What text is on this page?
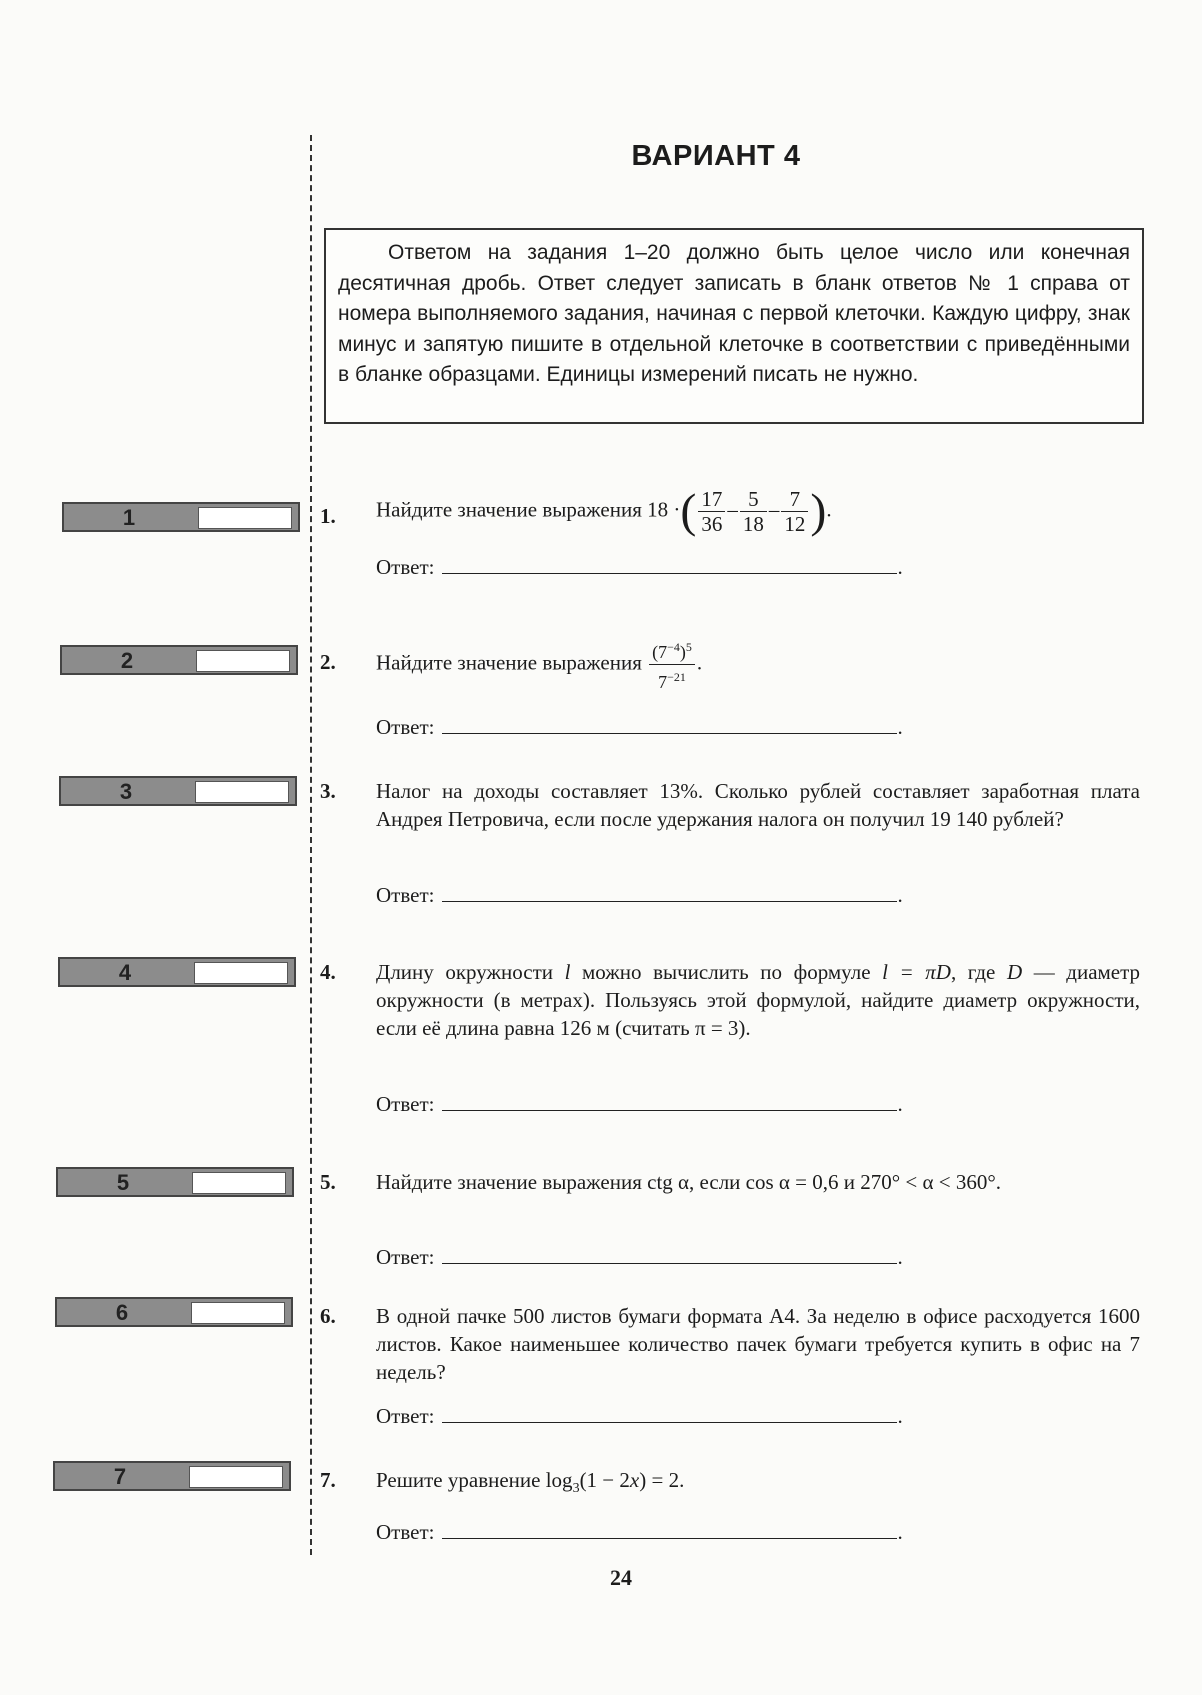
ВАРИАНТ 4
Ответом на задания 1–20 должно быть целое число или конечная десятичная дробь. Ответ следует записать в бланк ответов № 1 справа от номера выполняемого задания, начиная с первой клеточки. Каждую цифру, знак минус и запятую пишите в отдельной клеточке в соответствии с приведёнными в бланке образцами. Единицы измерений писать не нужно.
1	1. Найдите значение выражения 18 ·( $\frac{17}{36} - \frac{5}{18} - \frac{7}{12}$ ).
Ответ:	.
2	2. Найдите значение выражения $\frac{(7^{-4})^5}{7^{-21}}$ .
Ответ:	.
3	3. Налог на доходы составляет 13%. Сколько рублей составляет заработная плата Андрея Петровича, если после удержания налога он получил 19 140 рублей?
Ответ:	.
4	4. Длину окружности l можно вычислить по формуле l = πD, где D — диаметр окружности (в метрах). Пользуясь этой формулой, найдите диаметр окружности, если её длина равна 126 м (считать π = 3).
Ответ:	.
5	5. Найдите значение выражения ctg α, если cos α = 0,6 и 270° < α < 360°.
Ответ:	.
6	6. В одной пачке 500 листов бумаги формата А4. За неделю в офисе расходуется 1600 листов. Какое наименьшее количество пачек бумаги требуется купить в офис на 7 недель?
Ответ:	.
7	7. Решите уравнение $\log_3(1 - 2x) = 2$.
Ответ:	.
24
